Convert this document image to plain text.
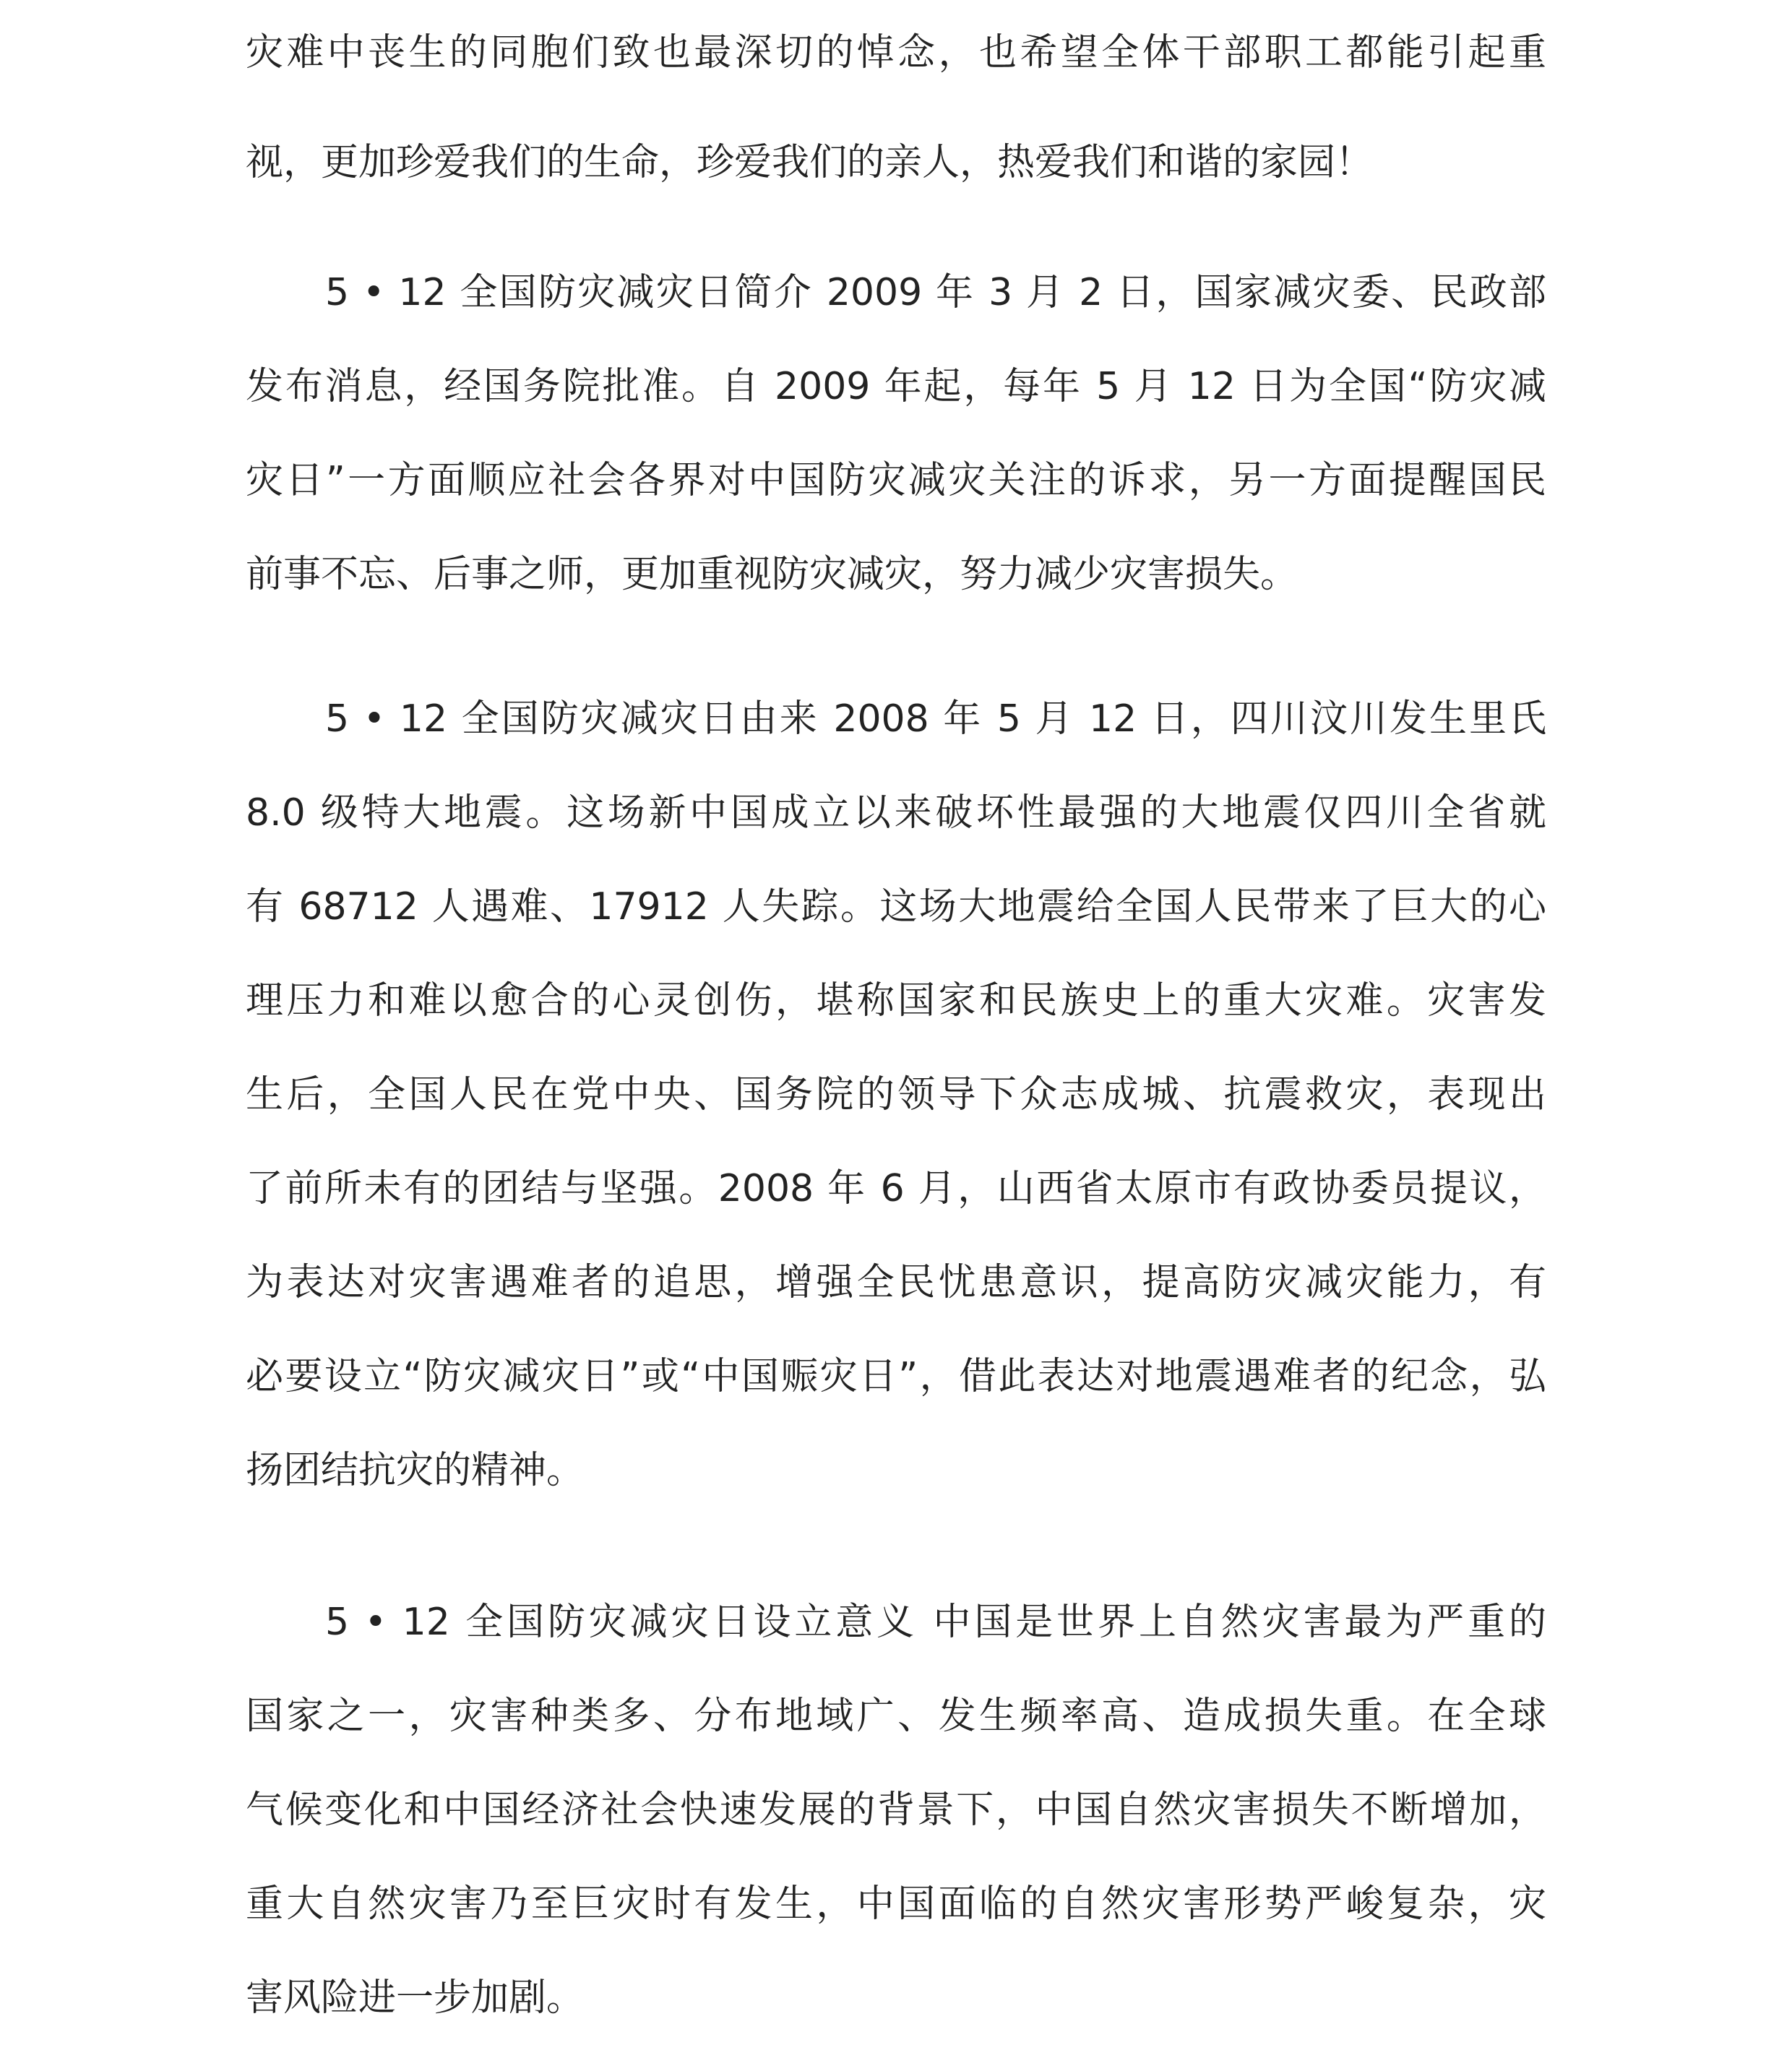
灾难中丧生的同胞们致也最深切的悼念，也希望全体干部职工都能引起重

视，更加珍爱我们的生命，珍爱我们的亲人，热爱我们和谐的家园！

5 • 12 全国防灾减灾日简介 2009 年 3 月 2 日，国家减灾委、民政部

发布消息，经国务院批准。自 2009 年起，每年 5 月 12 日为全国“防灾减

灾日”一方面顺应社会各界对中国防灾减灾关注的诉求，另一方面提醒国民

前事不忘、后事之师，更加重视防灾减灾，努力减少灾害损失。

5 • 12 全国防灾减灾日由来 2008 年 5 月 12 日，四川汶川发生里氏

8.0 级特大地震。这场新中国成立以来破坏性最强的大地震仅四川全省就

有 68712 人遇难、17912 人失踪。这场大地震给全国人民带来了巨大的心

理压力和难以愈合的心灵创伤，堪称国家和民族史上的重大灾难。灾害发

生后，全国人民在党中央、国务院的领导下众志成城、抗震救灾，表现出

了前所未有的团结与坚强。2008 年 6 月，山西省太原市有政协委员提议，

为表达对灾害遇难者的追思，增强全民忧患意识，提高防灾减灾能力，有

必要设立“防灾减灾日”或“中国赈灾日”，借此表达对地震遇难者的纪念，弘

扬团结抗灾的精神。

5 • 12 全国防灾减灾日设立意义 中国是世界上自然灾害最为严重的

国家之一，灾害种类多、分布地域广、发生频率高、造成损失重。在全球

气候变化和中国经济社会快速发展的背景下，中国自然灾害损失不断增加，

重大自然灾害乃至巨灾时有发生，中国面临的自然灾害形势严峻复杂，灾

害风险进一步加剧。
